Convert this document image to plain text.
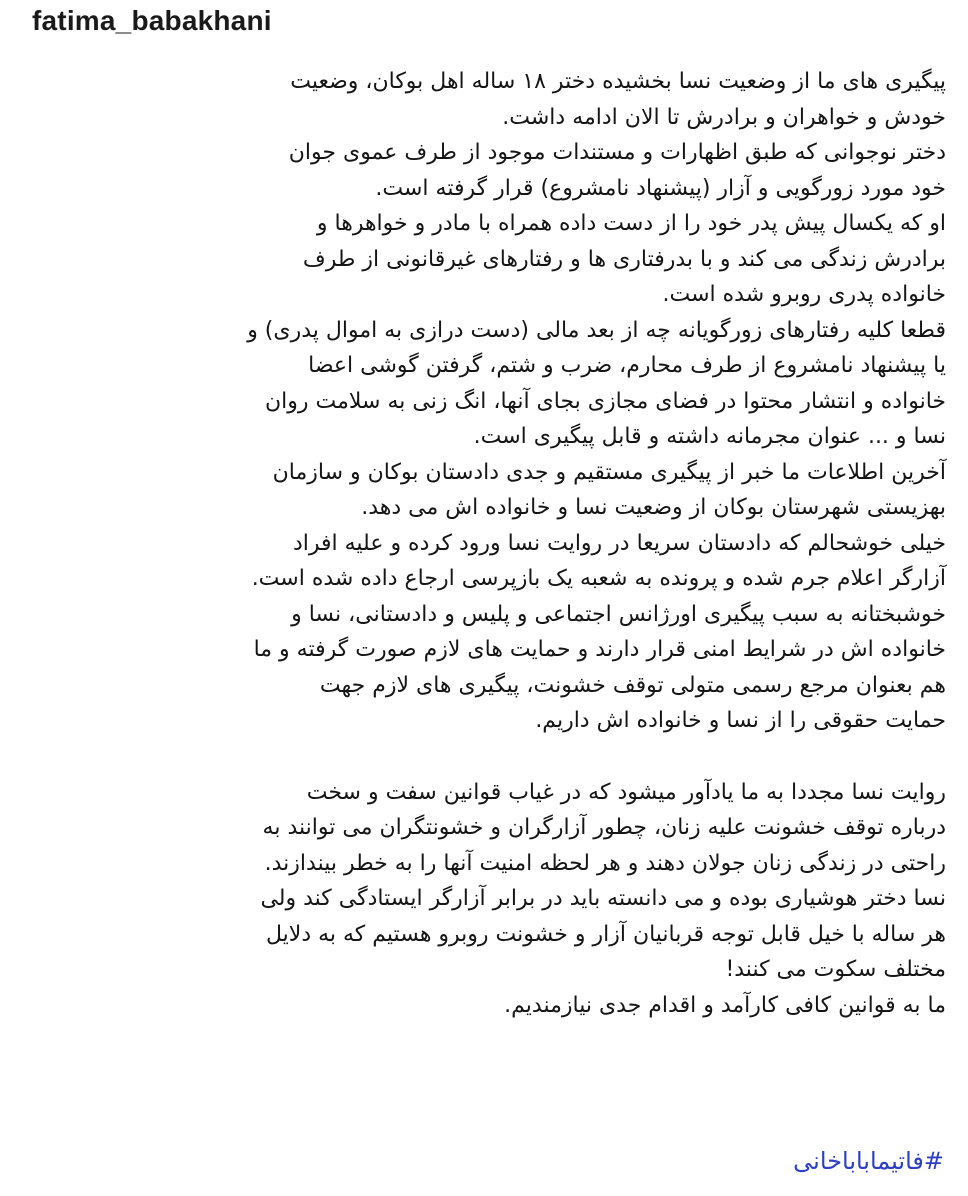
fatima_babakhani
پیگیری های ما از وضعیت نسا بخشیده دختر ۱۸ ساله اهل بوکان، وضعیت
خودش و خواهران و برادرش تا الان ادامه داشت.
دختر نوجوانی که طبق اظهارات و مستندات موجود از طرف عموی جوان
خود مورد زورگویی و آزار (پیشنهاد نامشروع) قرار گرفته است.
او که یکسال پیش پدر خود را از دست داده همراه با مادر و خواهرها و
برادرش زندگی می کند و با بدرفتاری ها و رفتارهای غیرقانونی از طرف
خانواده پدری روبرو شده است.
قطعا کلیه رفتارهای زورگویانه چه از بعد مالی (دست درازی به اموال پدری) و
یا پیشنهاد نامشروع از طرف محارم، ضرب و شتم، گرفتن گوشی اعضا
خانواده و انتشار محتوا در فضای مجازی بجای آنها، انگ زنی به سلامت روان
نسا و ... عنوان مجرمانه داشته و قابل پیگیری است.
آخرین اطلاعات ما خبر از پیگیری مستقیم و جدی دادستان بوکان و سازمان
بهزیستی شهرستان بوکان از وضعیت نسا و خانواده اش می دهد.
خیلی خوشحالم که دادستان سریعا در روایت نسا ورود کرده و علیه افراد
آزارگر اعلام جرم شده و پرونده به شعبه یک بازپرسی ارجاع داده شده است.
خوشبختانه به سبب پیگیری اورژانس اجتماعی و پلیس و دادستانی، نسا و
خانواده اش در شرایط امنی قرار دارند و حمایت های لازم صورت گرفته و ما
هم بعنوان مرجع رسمی متولی توقف خشونت، پیگیری های لازم جهت
حمایت حقوقی را از نسا و خانواده اش داریم.
روایت نسا مجددا به ما یادآور میشود که در غیاب قوانین سفت و سخت
درباره توقف خشونت علیه زنان، چطور آزارگران و خشونتگران می توانند به
راحتی در زندگی زنان جولان دهند و هر لحظه امنیت آنها را به خطر بیندازند.
نسا دختر هوشیاری بوده و می دانسته باید در برابر آزارگر ایستادگی کند ولی
هر ساله با خیل قابل توجه قربانیان آزار و خشونت روبرو هستیم که به دلایل
مختلف سکوت می کنند!
ما به قوانین کافی کارآمد و اقدام جدی نیازمندیم.
#فاتیماباباخانی
